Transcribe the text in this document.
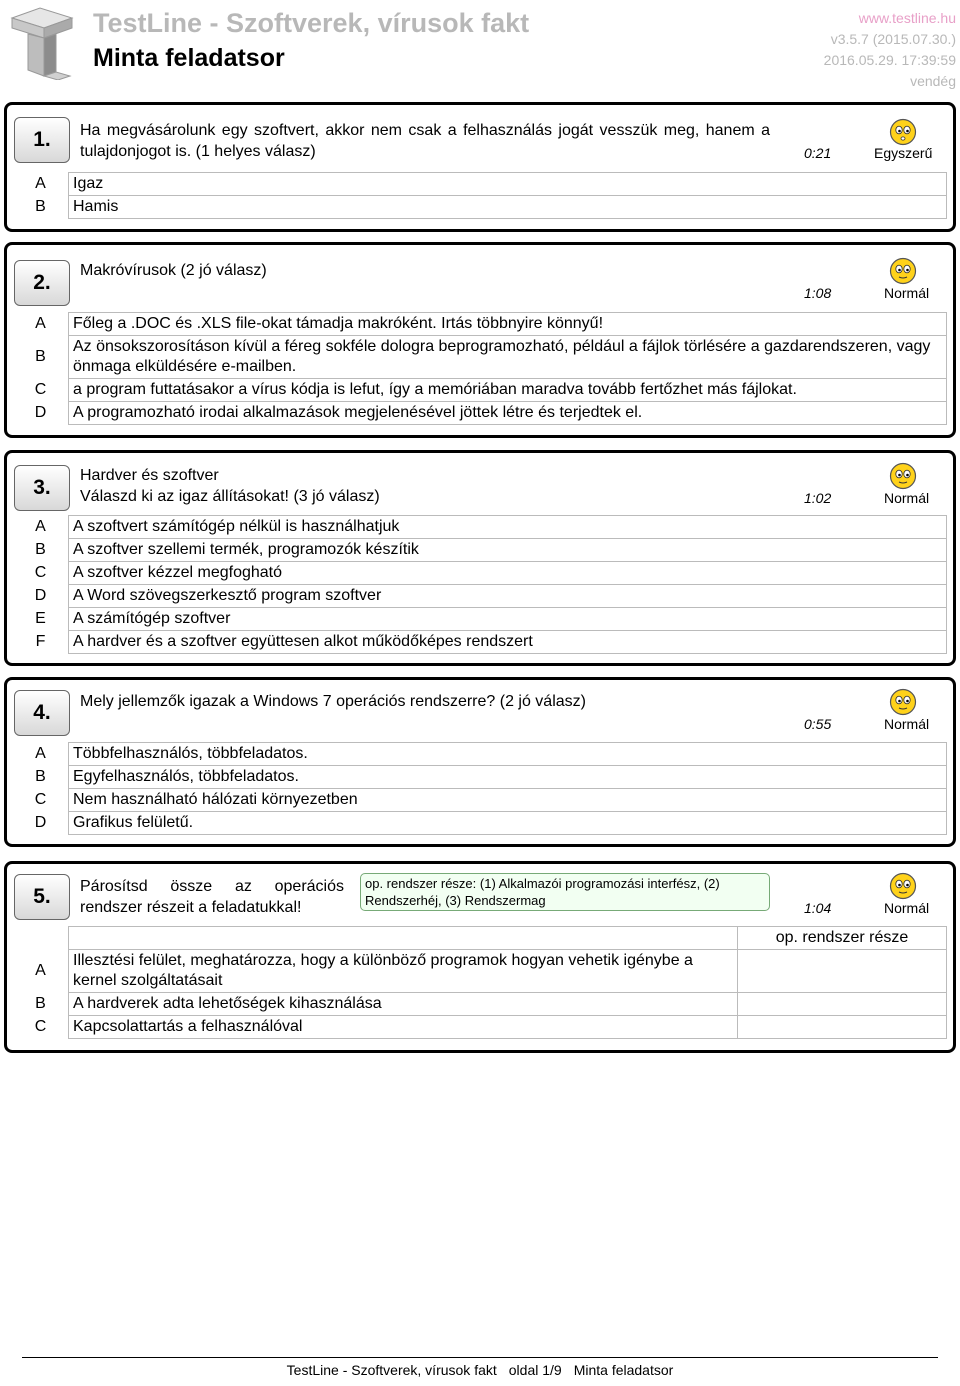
TestLine - Szoftverek, vírusok fakt
Minta feladatsor
www.testline.hu
v3.5.7 (2015.07.30.)
2016.05.29. 17:39:59
vendég
1.	Ha megvásárolunk egy szoftvert, akkor nem csak a felhasználás jogát vesszük meg, hanem a tulajdonjogot is. (1 helyes válasz)	0:21	Egyszerű
A	Igaz
B	Hamis
2.
Makróvírusok (2 jó válasz)
1:08	Normál
A	Főleg a .DOC és .XLS file-okat támadja makróként. Irtás többnyire könnyű!
B	Az önsokszorosításon kívül a féreg sokféle dologra beprogramozható, például a fájlok törlésére a gazdarendszeren, vagy önmaga elküldésére e-mailben.
C	a program futtatásakor a vírus kódja is lefut, így a memóriában maradva tovább fertőzhet más fájlokat.
D	A programozható irodai alkalmazások megjelenésével jöttek létre és terjedtek el.
3.
Hardver és szoftver
Válaszd ki az igaz állításokat! (3 jó válasz)	1:02	Normál
A	A szoftvert számítógép nélkül is használhatjuk
B	A szoftver szellemi termék, programozók készítik
C	A szoftver kézzel megfogható
D	A Word szövegszerkesztő program szoftver
E	A számítógép szoftver
F	A hardver és a szoftver együttesen alkot működőképes rendszert
4.	Mely jellemzők igazak a Windows 7 operációs rendszerre? (2 jó válasz)
0:55	Normál
A	Többfelhasználós, többfeladatos.
B	Egyfelhasználós, többfeladatos.
C	Nem használható hálózati környezetben
D	Grafikus felületű.
5.	Párosítsd össze az operációs rendszer részeit a feladatukkal!
op. rendszer része: (1) Alkalmazói programozási interfész, (2) Rendszerhéj, (3) Rendszermag	1:04	Normál
		op. rendszer része
A	Illesztési felület, meghatározza, hogy a különböző programok hogyan vehetik igénybe a kernel szolgáltatásait	
B	A hardverek adta lehetőségek kihasználása	
C	Kapcsolattartás a felhasználóval	
TestLine - Szoftverek, vírusok fakt oldal 1/9 Minta feladatsor
